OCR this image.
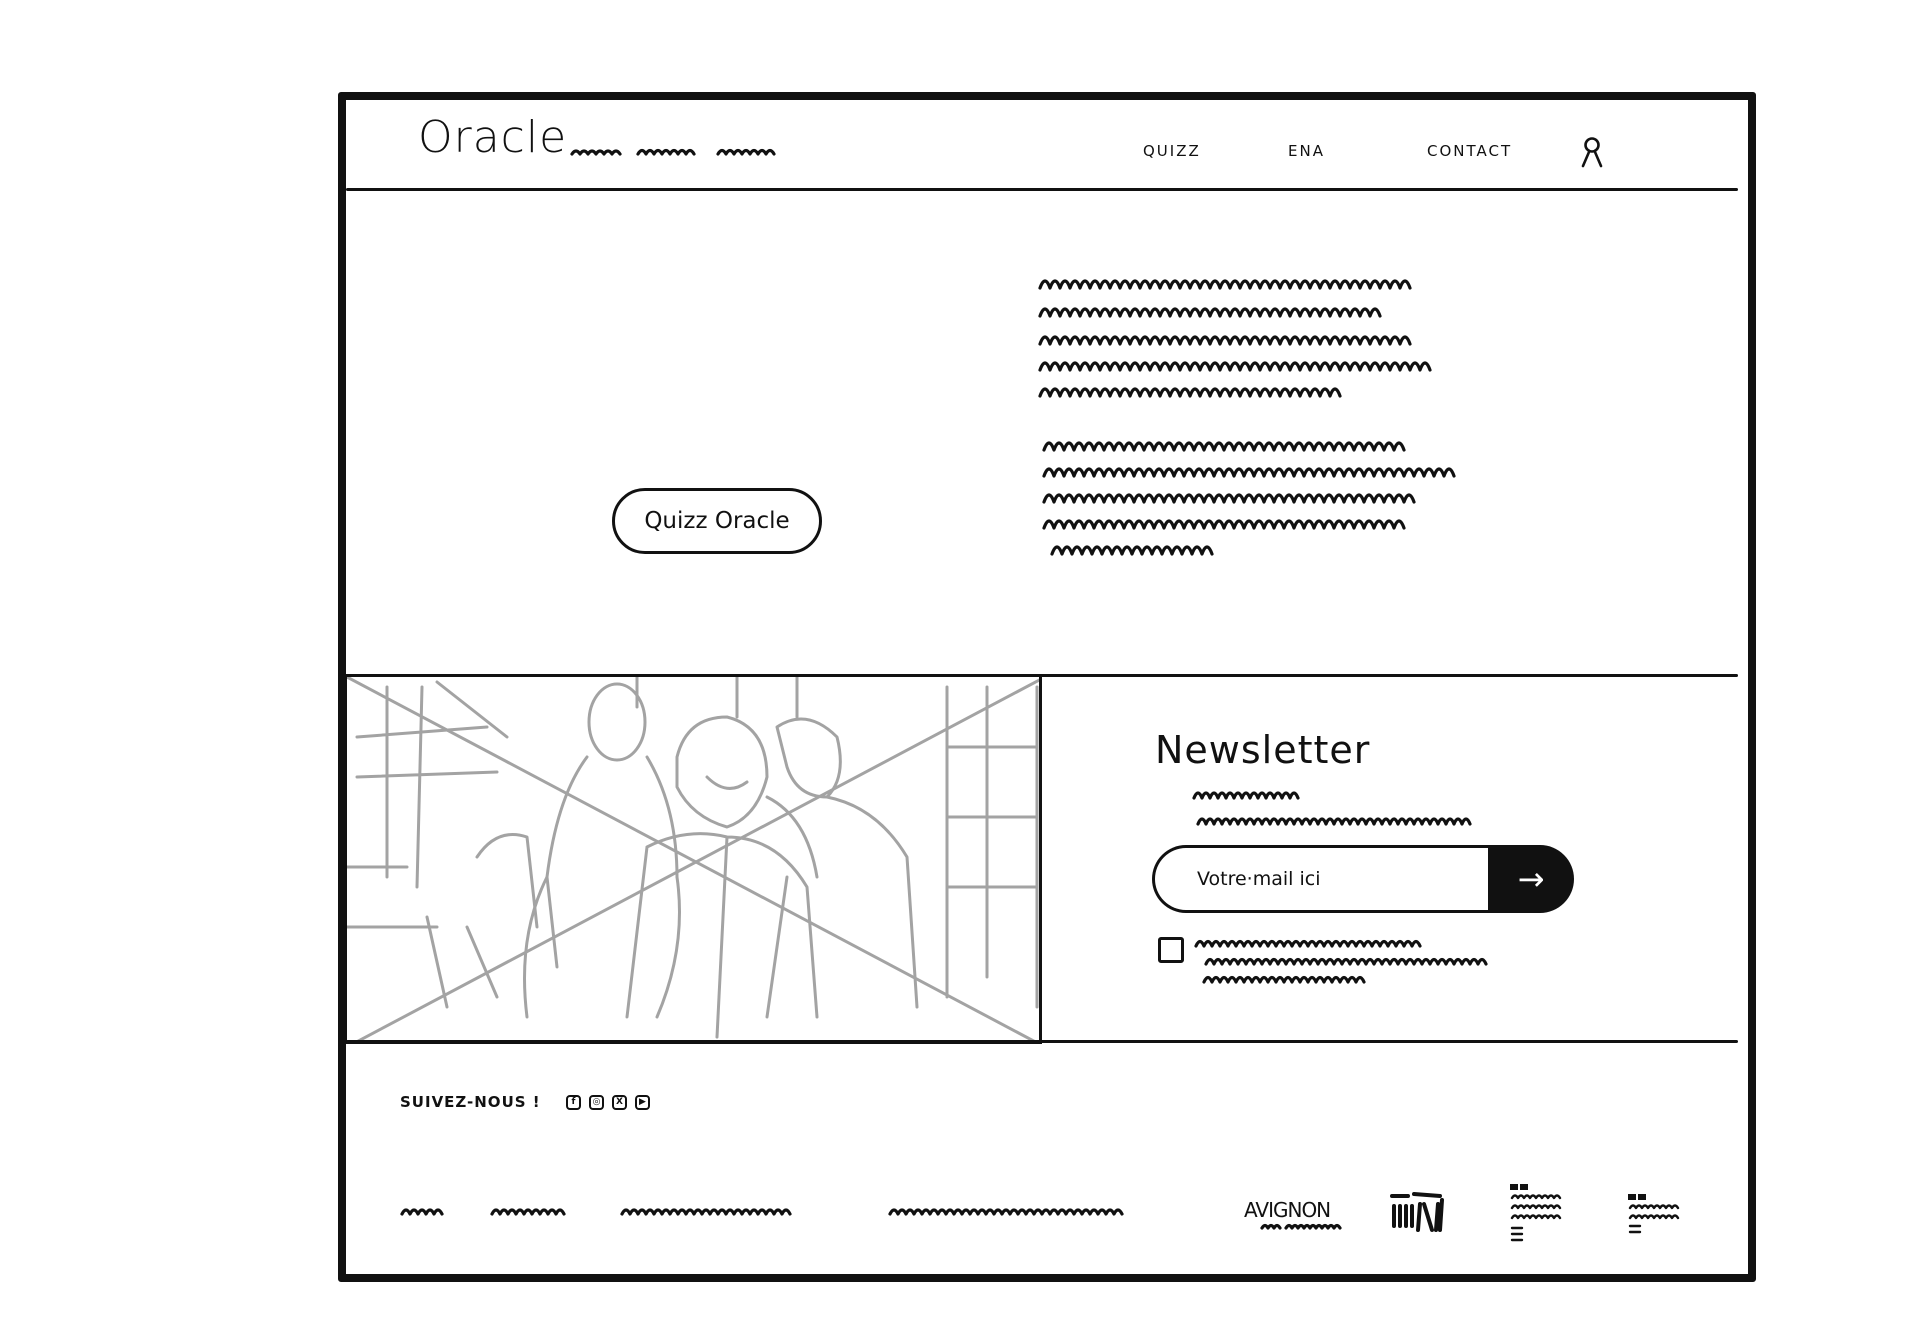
Oracle	QUIZZ	ENA	CONTACT
Quizz Oracle
Newsletter
Votre·mail ici
→
SUIVEZ-NOUS !	f	◎	X	▶
AVIGNON
